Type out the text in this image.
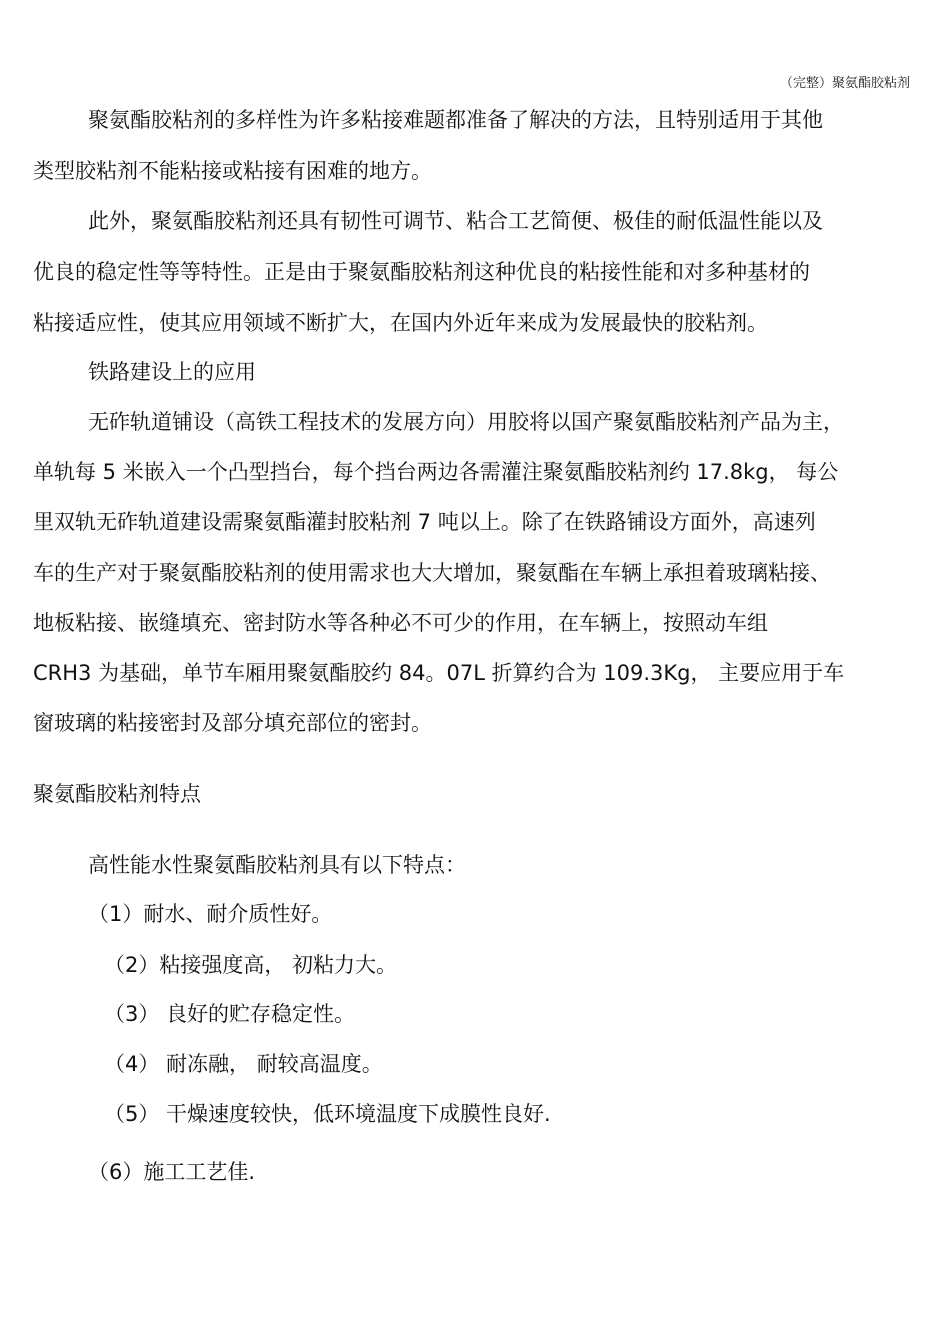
（完整）聚氨酯胶粘剂
聚氨酯胶粘剂的多样性为许多粘接难题都准备了解决的方法，且特别适用于其他
类型胶粘剂不能粘接或粘接有困难的地方。
此外，聚氨酯胶粘剂还具有韧性可调节、粘合工艺简便、极佳的耐低温性能以及
优良的稳定性等等特性。正是由于聚氨酯胶粘剂这种优良的粘接性能和对多种基材的
粘接适应性，使其应用领域不断扩大，在国内外近年来成为发展最快的胶粘剂。
铁路建设上的应用
无砟轨道铺设（高铁工程技术的发展方向）用胶将以国产聚氨酯胶粘剂产品为主，
单轨每 5 米嵌入一个凸型挡台，每个挡台两边各需灌注聚氨酯胶粘剂约 17.8kg， 每公
里双轨无砟轨道建设需聚氨酯灌封胶粘剂 7 吨以上。除了在铁路铺设方面外，高速列
车的生产对于聚氨酯胶粘剂的使用需求也大大增加，聚氨酯在车辆上承担着玻璃粘接、
地板粘接、嵌缝填充、密封防水等各种必不可少的作用，在车辆上，按照动车组
CRH3 为基础，单节车厢用聚氨酯胶约 84。07L 折算约合为 109.3Kg， 主要应用于车
窗玻璃的粘接密封及部分填充部位的密封。
聚氨酯胶粘剂特点
高性能水性聚氨酯胶粘剂具有以下特点：
（1）耐水、耐介质性好。
（2）粘接强度高， 初粘力大。
（3） 良好的贮存稳定性。
（4） 耐冻融， 耐较高温度。
（5） 干燥速度较快，低环境温度下成膜性良好.
（6）施工工艺佳.
